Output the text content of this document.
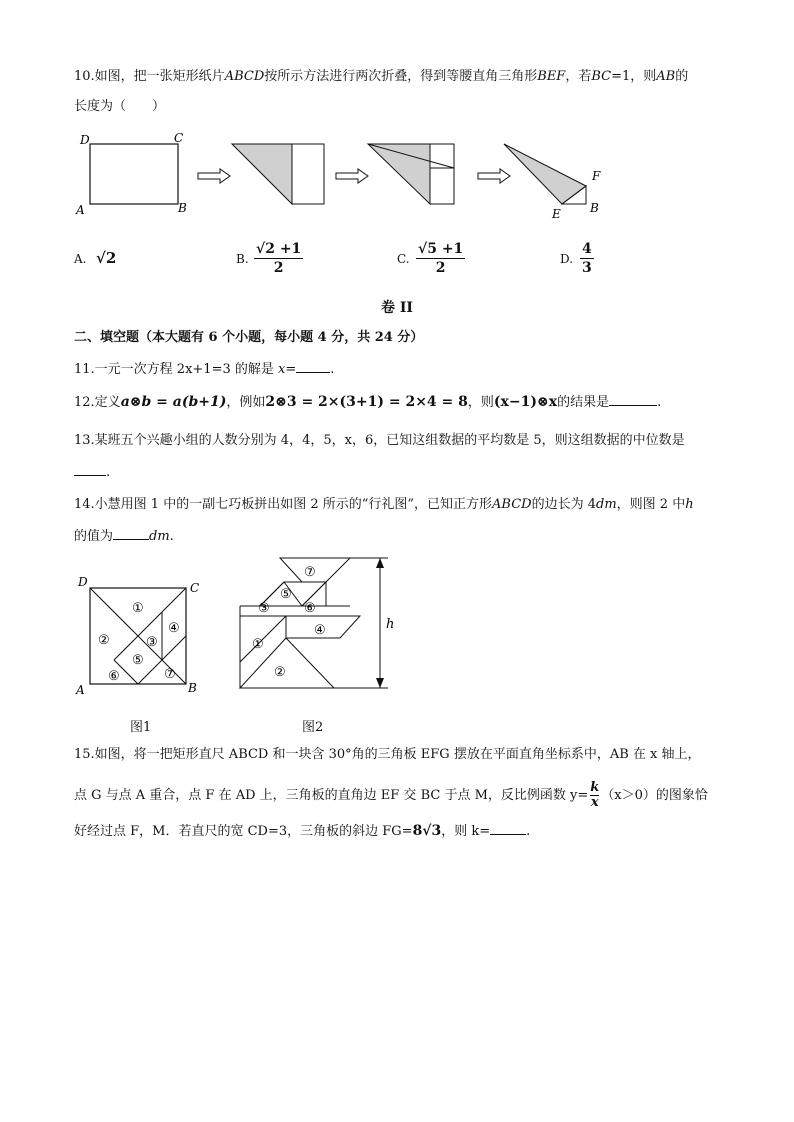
10.如图，把一张矩形纸片ABCD按所示方法进行两次折叠，得到等腰直角三角形BEF，若BC=1，则AB的
长度为（　　）
D	C
A	B
F
E B
A. √2	B. $\frac{√2 +1}{2}$	C. $\frac{√5 +1}{2}$	D. $\frac{4}{3}$
卷 II
二、填空题（本大题有 6 个小题，每小题 4 分，共 24 分）
11.一元一次方程 2x+1=3 的解是 x=	.
12.定义a⊗b = a(b+1)，例如2⊗3 = 2×(3+1) = 2×4 = 8，则(x−1)⊗x的结果是	.
13.某班五个兴趣小组的人数分别为 4，4，5，x，6，已知这组数据的平均数是 5，则这组数据的中位数是
.
14.小慧用图 1 中的一副七巧板拼出如图 2 所示的“行礼图”，已知正方形ABCD的边长为 4dm，则图 2 中h
的值为	dm.
D	C
A	B
①
②	③
④
⑤
⑥	⑦
图1
h
⑦
⑤
③	⑥
④
①
②
图2
15.如图，将一把矩形直尺 ABCD 和一块含 30°角的三角板 EFG 摆放在平面直角坐标系中，AB 在 x 轴上，
点 G 与点 A 重合，点 F 在 AD 上，三角板的直角边 EF 交 BC 于点 M，反比例函数 $y= \frac{k}{x} (x>0)$的图象恰
好经过点 F，M．若直尺的宽 CD=3，三角板的斜边 FG=8√3，则 k=	.
